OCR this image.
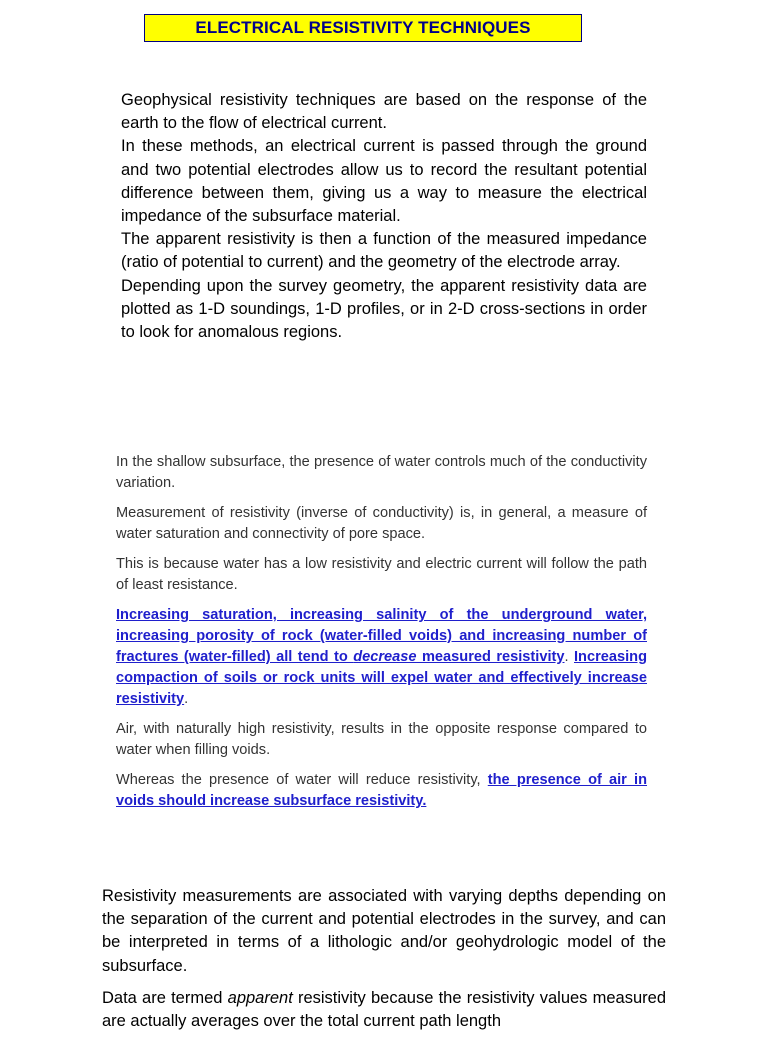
ELECTRICAL RESISTIVITY TECHNIQUES

Geophysical resistivity techniques are based on the response of the earth to the flow of electrical current.

In these methods, an electrical current is passed through the ground and two potential electrodes allow us to record the resultant potential difference between them, giving us a way to measure the electrical impedance of the subsurface material.

The apparent resistivity is then a function of the measured impedance (ratio of potential to current) and the geometry of the electrode array.

Depending upon the survey geometry, the apparent resistivity data are plotted as 1-D soundings, 1-D profiles, or in 2-D cross-sections in order to look for anomalous regions.

In the shallow subsurface, the presence of water controls much of the conductivity variation.

Measurement of resistivity (inverse of conductivity) is, in general, a measure of water saturation and connectivity of pore space.

This is because water has a low resistivity and electric current will follow the path of least resistance.

Increasing saturation, increasing salinity of the underground water, increasing porosity of rock (water-filled voids) and increasing number of fractures (water-filled) all tend to decrease measured resistivity. Increasing compaction of soils or rock units will expel water and effectively increase resistivity.

Air, with naturally high resistivity, results in the opposite response compared to water when filling voids.

Whereas the presence of water will reduce resistivity, the presence of air in voids should increase subsurface resistivity.

Resistivity measurements are associated with varying depths depending on the separation of the current and potential electrodes in the survey, and can be interpreted in terms of a lithologic and/or geohydrologic model of the subsurface.

Data are termed apparent resistivity because the resistivity values measured are actually averages over the total current path length
